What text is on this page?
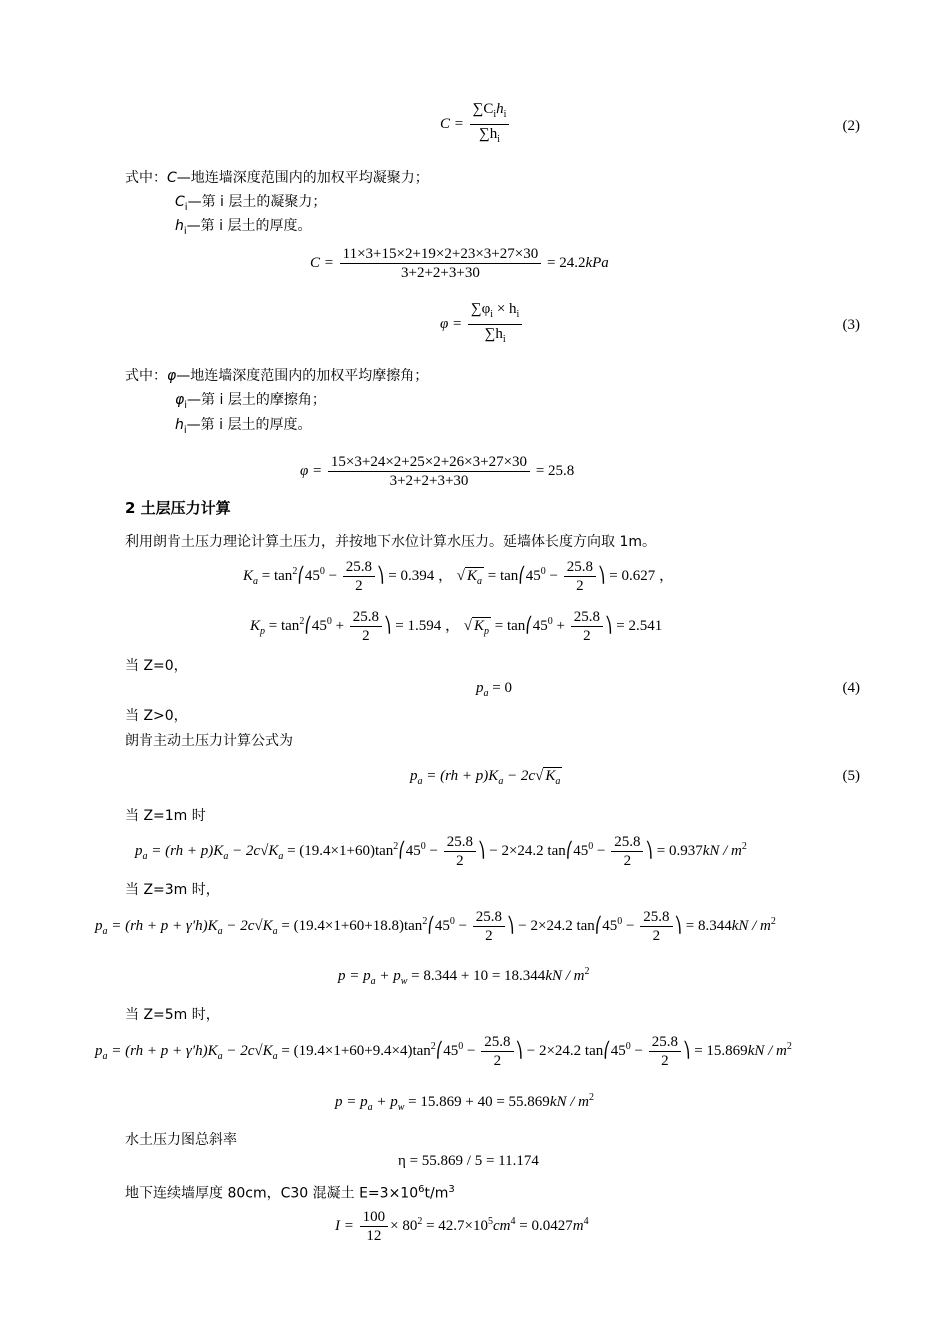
$C = \frac{\sum C_ih_i}{\sum h_i}$	(2)
式中：C—地连墙深度范围内的加权平均凝聚力；
$C_i—$第 i 层土的凝聚力；
$h_i—$第 i 层土的厚度。
$C = \frac{11\times 3+15\times 2+19\times 2+23\times 3+27\times 30}{3+2+2+3+30} = 24.2kPa$
$\varphi = \frac{\sum\varphi_i \times h_i}{\sum h_i}$	(3)
式中：φ—地连墙深度范围内的加权平均摩擦角；
$\varphi_i—$第 i 层土的摩擦角；
$h_i—$第 i 层土的厚度。
$\varphi = \frac{15\times 3+24\times 2+25\times 2+26\times 3+27\times 30}{3+2+2+3+30} = 25.8$
2 土层压力计算
利用朗肯土压力理论计算土压力，并按地下水位计算水压力。延墙体长度方向取 1m。
$K_a$ = $\tan^2⎛45^0 - \frac{25.8}{2}$ ⎞ = 0.394 ， √ $K_a$ = $\tan⎛45^0 - \frac{25.8}{2}$ ⎞ = 0.627 ，
$K_p$ = $\tan^2⎛45^0 + \frac{25.8}{2}$ ⎞ = 1.594 ， √ $K_p$ = $\tan⎛45^0 + \frac{25.8}{2}$ ⎞ = 2.541
当 Z=0，
$p_a = 0$	(4)
当 Z>0，
朗肯主动土压力计算公式为
$p_a = (rh + p)K_a - 2c√$ $K_a$	(5)
当 Z=1m 时
$p_a = (rh + p)K_a - 2c√K_a$ = $(19.4\times 1+60)\tan^2⎛45^0 - \frac{25.8}{2}$ ⎞ − 2×24.2 $\tan⎛45^0 - \frac{25.8}{2}$ ⎞ = $0.937kN / m^2$
当 Z=3m 时，
$p_a = (rh + p + \gamma'h)K_a - 2c√K_a$ = $(19.4\times 1+60+18.8)\tan^2⎛45^0 - \frac{25.8}{2}$ ⎞ − 2×24.2 $\tan⎛45^0 - \frac{25.8}{2}$ ⎞ = $8.344kN / m^2$
$p = p_a + p_w = 8.344 + 10 = 18.344kN / m^2$
当 Z=5m 时，
$p_a = (rh + p + \gamma'h)K_a - 2c√K_a$ = $(19.4\times 1+60+9.4\times 4)\tan^2⎛45^0 - \frac{25.8}{2}$ ⎞ − 2×24.2 $\tan⎛45^0 - \frac{25.8}{2}$ ⎞ = $15.869kN / m^2$
$p = p_a + p_w = 15.869 + 40 = 55.869kN / m^2$
水土压力图总斜率
η = 55.869 / 5 = 11.174
地下连续墙厚度 80cm，C30 混凝土 $E=3\times 10^6t/m^3$
$I = \frac{100}{12} \times 80^2 = 42.7\times 10^5cm^4 = 0.0427m^4$
